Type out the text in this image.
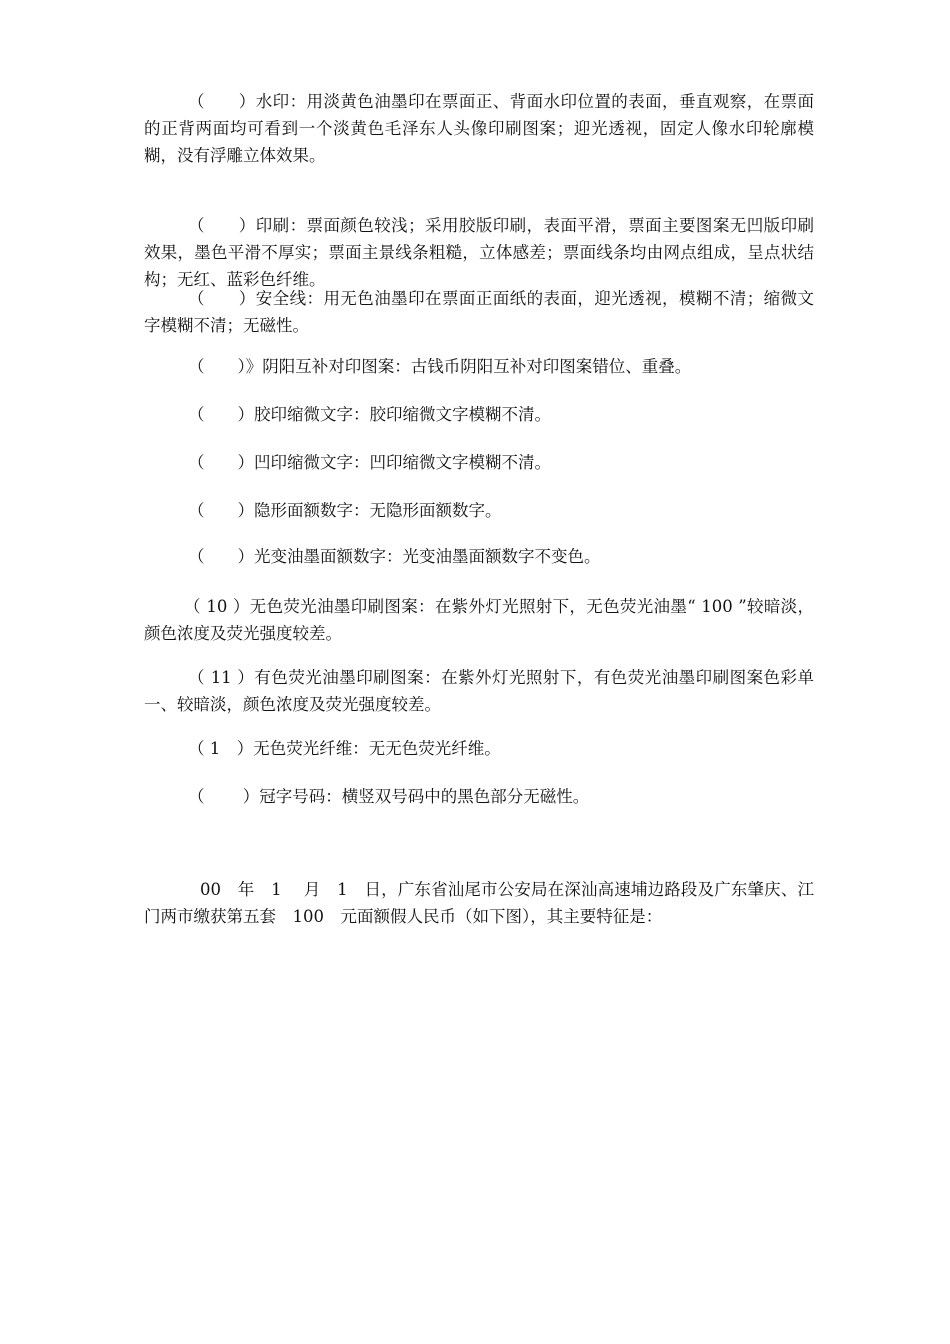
（　　）水印：用淡黄色油墨印在票面正、背面水印位置的表面，垂直观察，在票面的正背两面均可看到一个淡黄色毛泽东人头像印刷图案；迎光透视，固定人像水印轮廓模糊，没有浮雕立体效果。

（　　）印刷：票面颜色较浅；采用胶版印刷，表面平滑，票面主要图案无凹版印刷效果，墨色平滑不厚实；票面主景线条粗糙，立体感差；票面线条均由网点组成，呈点状结构；无红、蓝彩色纤维。

（　　）安全线：用无色油墨印在票面正面纸的表面，迎光透视，模糊不清；缩微文字模糊不清；无磁性。

（　　）》阴阳互补对印图案：古钱币阴阳互补对印图案错位、重叠。

（　　）胶印缩微文字：胶印缩微文字模糊不清。

（　　）凹印缩微文字：凹印缩微文字模糊不清。

（　　）隐形面额数字：无隐形面额数字。

（　　）光变油墨面额数字：光变油墨面额数字不变色。

（ 10 ）无色荧光油墨印刷图案：在紫外灯光照射下，无色荧光油墨“ 100 ”较暗淡，颜色浓度及荧光强度较差。

（ 11 ）有色荧光油墨印刷图案：在紫外灯光照射下，有色荧光油墨印刷图案色彩单一、较暗淡，颜色浓度及荧光强度较差。

（ 1　）无色荧光纤维：无无色荧光纤维。

（　　 ）冠字号码：横竖双号码中的黑色部分无磁性。

00　年　1　 月　1　日，广东省汕尾市公安局在深汕高速埔边路段及广东肇庆、江门两市缴获第五套　100　元面额假人民币（如下图），其主要特征是：
